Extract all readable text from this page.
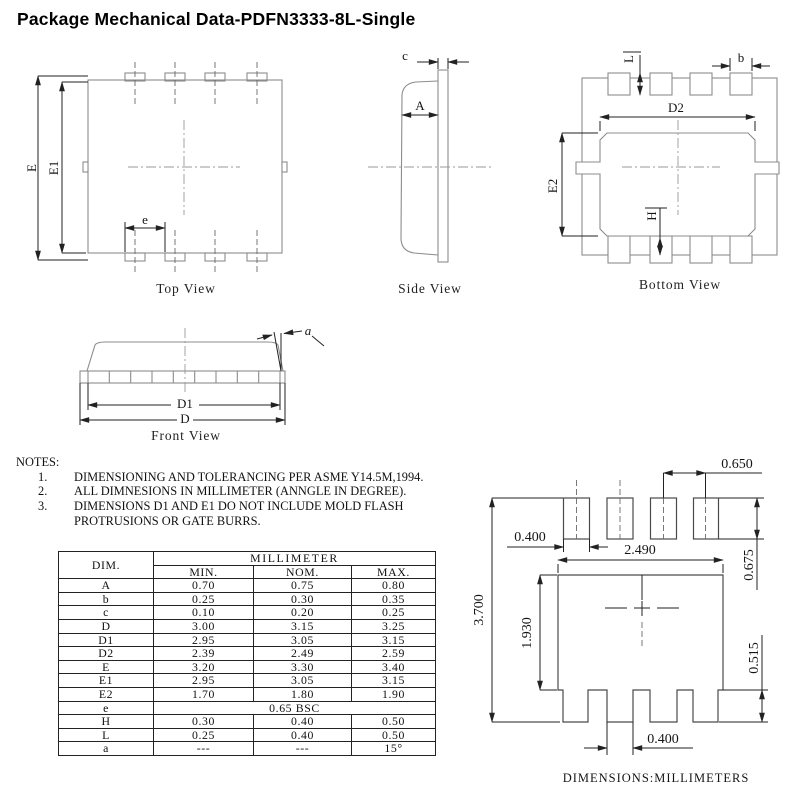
Package Mechanical Data-PDFN3333-8L-Single
E E1
e
Top View
c
A
Side View
L	b
D2
E2
H
Bottom View
a
D1
D
Front View
NOTES:
1.	DIMENSIONING AND TOLERANCING PER ASME Y14.5M,1994.
2.	ALL DIMNESIONS IN MILLIMETER (ANNGLE IN DEGREE).
3.	DIMENSIONS D1 AND E1 DO NOT INCLUDE MOLD FLASH PROTRUSIONS OR GATE BURRS.
DIM.	MILLIMETER		
	MIN.	NOM.	MAX.
A	0.70	0.75	0.80
b	0.25	0.30	0.35
c	0.10	0.20	0.25
D	3.00	3.15	3.25
D1	2.95	3.05	3.15
D2	2.39	2.49	2.59
E	3.20	3.30	3.40
E1	2.95	3.05	3.15
E2	1.70	1.80	1.90
e	0.65 BSC		
H	0.30	0.40	0.50
L	0.25	0.40	0.50
a	---	---	15°
0.650
0.400
2.490
1.930
3.700
0.675
0.515
0.400
DIMENSIONS:MILLIMETERS
